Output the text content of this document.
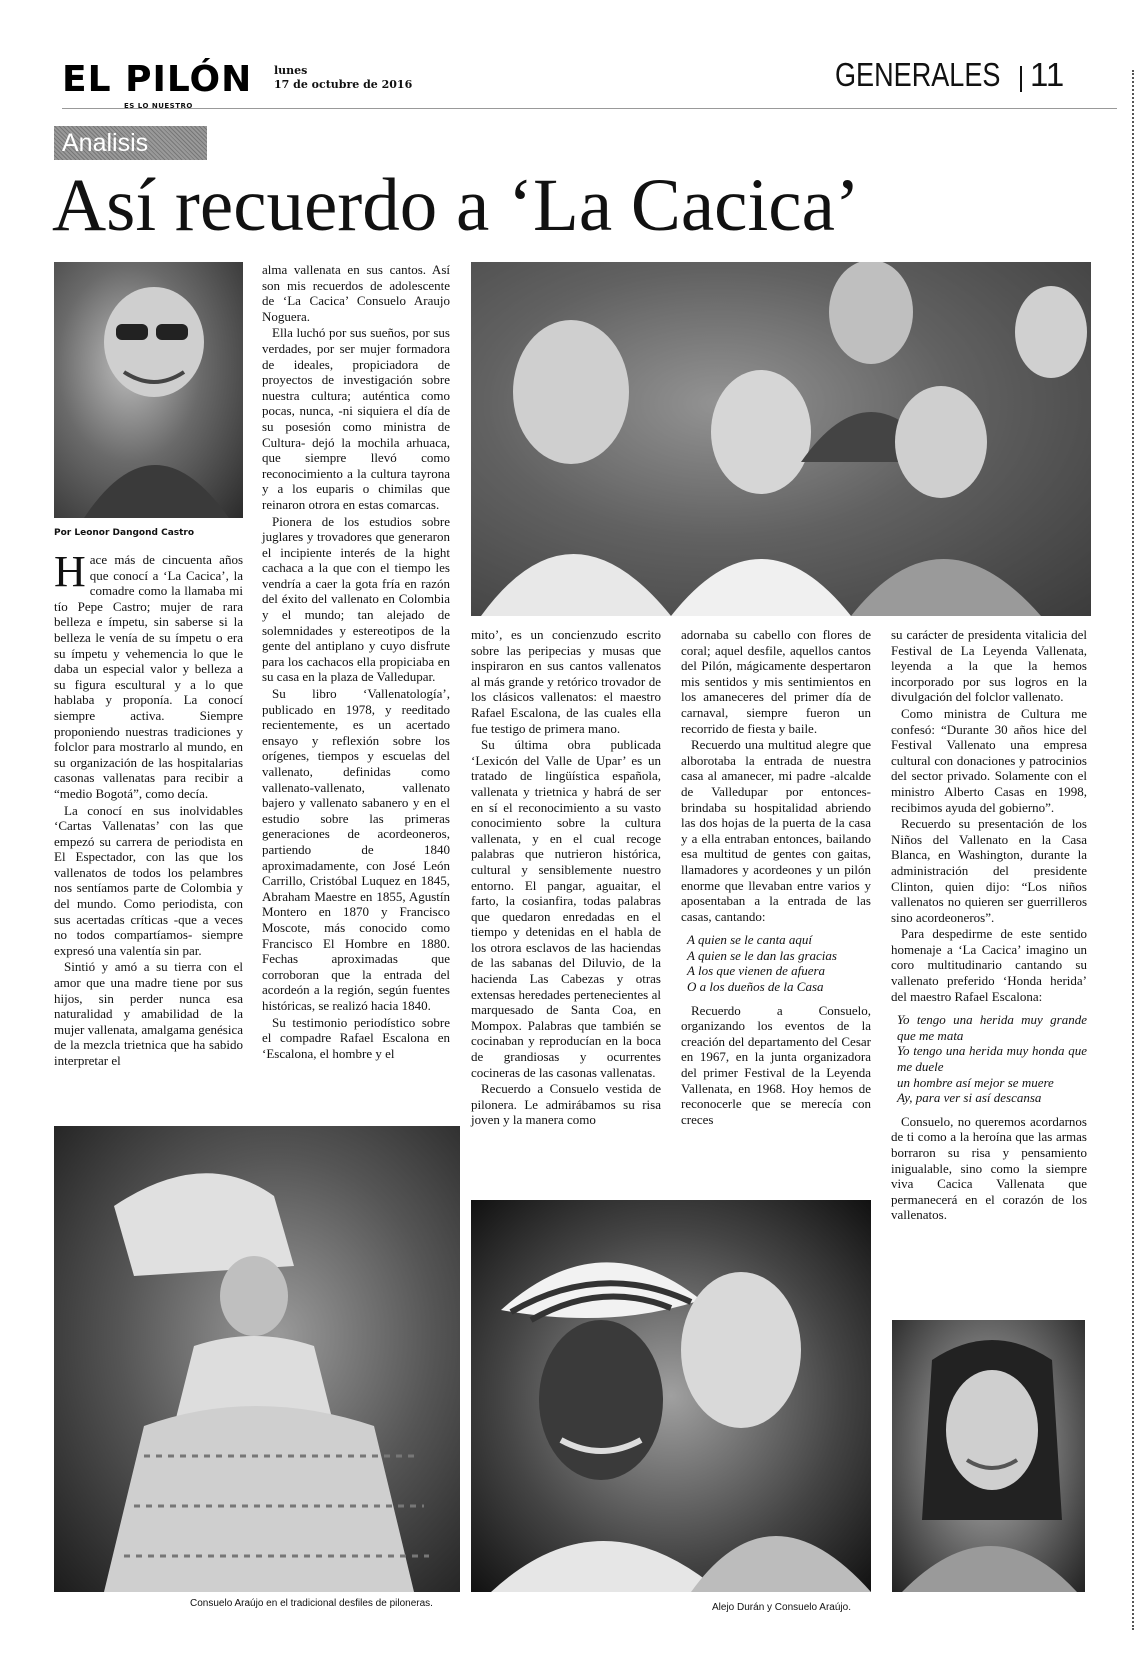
EL PILÓN
ES LO NUESTRO
lunes
17 de octubre de 2016	GENERALES 11
Analisis
Así recuerdo a ‘La Cacica’
Por Leonor Dangond Castro

Hace más de cincuenta años que conocí a ‘La Cacica’, la comadre como la llamaba mi tío Pepe Castro; mujer de rara belleza e ímpetu, sin saberse si la belleza le venía de su ímpetu o era su ímpetu y vehemencia lo que le daba un especial valor y belleza a su figura escultural y a lo que hablaba y proponía. La conocí siempre activa. Siempre proponiendo nuestras tradiciones y folclor para mostrarlo al mundo, en su organización de las hospitalarias casonas vallenatas para recibir a “medio Bogotá”, como decía.

La conocí en sus inolvidables ‘Cartas Vallenatas’ con las que empezó su carrera de periodista en El Espectador, con las que los vallenatos de todos los pelambres nos sentíamos parte de Colombia y del mundo. Como periodista, con sus acertadas críticas -que a veces no todos compartíamos- siempre expresó una valentía sin par.

Sintió y amó a su tierra con el amor que una madre tiene por sus hijos, sin perder nunca esa naturalidad y amabilidad de la mujer vallenata, amalgama genésica de la mezcla trietnica que ha sabido interpretar el

alma vallenata en sus cantos. Así son mis recuerdos de adolescente de ‘La Cacica’ Consuelo Araujo Noguera.

Ella luchó por sus sueños, por sus verdades, por ser mujer formadora de ideales, propiciadora de proyectos de investigación sobre nuestra cultura; auténtica como pocas, nunca, -ni siquiera el día de su posesión como ministra de Cultura- dejó la mochila arhuaca, que siempre llevó como reconocimiento a la cultura tayrona y a los euparis o chimilas que reinaron otrora en estas comarcas.

Pionera de los estudios sobre juglares y trovadores que generaron el incipiente interés de la hight cachaca a la que con el tiempo les vendría a caer la gota fría en razón del éxito del vallenato en Colombia y el mundo; tan alejado de solemnidades y estereotipos de la gente del antiplano y cuyo disfrute para los cachacos ella propiciaba en su casa en la plaza de Valledupar.

Su libro ‘Vallenatología’, publicado en 1978, y reeditado recientemente, es un acertado ensayo y reflexión sobre los orígenes, tiempos y escuelas del vallenato, definidas como vallenato-vallenato, vallenato bajero y vallenato sabanero y en el estudio sobre las primeras generaciones de acordeoneros, partiendo de 1840 aproximadamente, con José León Carrillo, Cristóbal Luquez en 1845, Abraham Maestre en 1855, Agustín Montero en 1870 y Francisco Moscote, más conocido como Francisco El Hombre en 1880. Fechas aproximadas que corroboran que la entrada del acordeón a la región, según fuentes históricas, se realizó hacia 1840.

Su testimonio periodístico sobre el compadre Rafael Escalona en ‘Escalona, el hombre y el

mito’, es un concienzudo escrito sobre las peripecias y musas que inspiraron en sus cantos vallenatos al más grande y retórico trovador de los clásicos vallenatos: el maestro Rafael Escalona, de las cuales ella fue testigo de primera mano.

Su última obra publicada ‘Lexicón del Valle de Upar’ es un tratado de lingüística española, vallenata y trietnica y habrá de ser en sí el reconocimiento a su vasto conocimiento sobre la cultura vallenata, y en el cual recoge palabras que nutrieron histórica, cultural y sensiblemente nuestro entorno. El pangar, aguaitar, el farto, la cosianfira, todas palabras que quedaron enredadas en el tiempo y detenidas en el habla de los otrora esclavos de las haciendas de las sabanas del Diluvio, de la hacienda Las Cabezas y otras extensas heredades pertenecientes al marquesado de Santa Coa, en Mompox. Palabras que también se cocinaban y reproducían en la boca de grandiosas y ocurrentes cocineras de las casonas vallenatas.

Recuerdo a Consuelo vestida de pilonera. Le admirábamos su risa joven y la manera como

adornaba su cabello con flores de coral; aquel desfile, aquellos cantos del Pilón, mágicamente despertaron mis sentidos y mis sentimientos en los amaneceres del primer día de carnaval, siempre fueron un recorrido de fiesta y baile.

Recuerdo una multitud alegre que alborotaba la entrada de nuestra casa al amanecer, mi padre -alcalde de Valledupar por entonces- brindaba su hospitalidad abriendo las dos hojas de la puerta de la casa y a ella entraban entonces, bailando esa multitud de gentes con gaitas, llamadores y acordeones y un pilón enorme que llevaban entre varios y aposentaban a la entrada de las casas, cantando:

A quien se le canta aquí
A quien se le dan las gracias
A los que vienen de afuera
O a los dueños de la Casa

Recuerdo a Consuelo, organizando los eventos de la creación del departamento del Cesar en 1967, en la junta organizadora del primer Festival de la Leyenda Vallenata, en 1968. Hoy hemos de reconocerle que se merecía con creces

su carácter de presidenta vitalicia del Festival de La Leyenda Vallenata, leyenda a la que la hemos incorporado por sus logros en la divulgación del folclor vallenato.

Como ministra de Cultura me confesó: “Durante 30 años hice del Festival Vallenato una empresa cultural con donaciones y patrocinios del sector privado. Solamente con el ministro Alberto Casas en 1998, recibimos ayuda del gobierno”.

Recuerdo su presentación de los Niños del Vallenato en la Casa Blanca, en Washington, durante la administración del presidente Clinton, quien dijo: “Los niños vallenatos no quieren ser guerrilleros sino acordeoneros”.

Para despedirme de este sentido homenaje a ‘La Cacica’ imagino un coro multitudinario cantando su vallenato preferido ‘Honda herida’ del maestro Rafael Escalona:

Yo tengo una herida muy grande que me mata
Yo tengo una herida muy honda que me duele
un hombre así mejor se muere
Ay, para ver si así descansa

Consuelo, no queremos acordarnos de ti como a la heroína que las armas borraron su risa y pensamiento inigualable, sino como la siempre viva Cacica Vallenata que permanecerá en el corazón de los vallenatos.

Consuelo Araújo en el tradicional desfiles de piloneras.	Alejo Durán y Consuelo Araújo.
